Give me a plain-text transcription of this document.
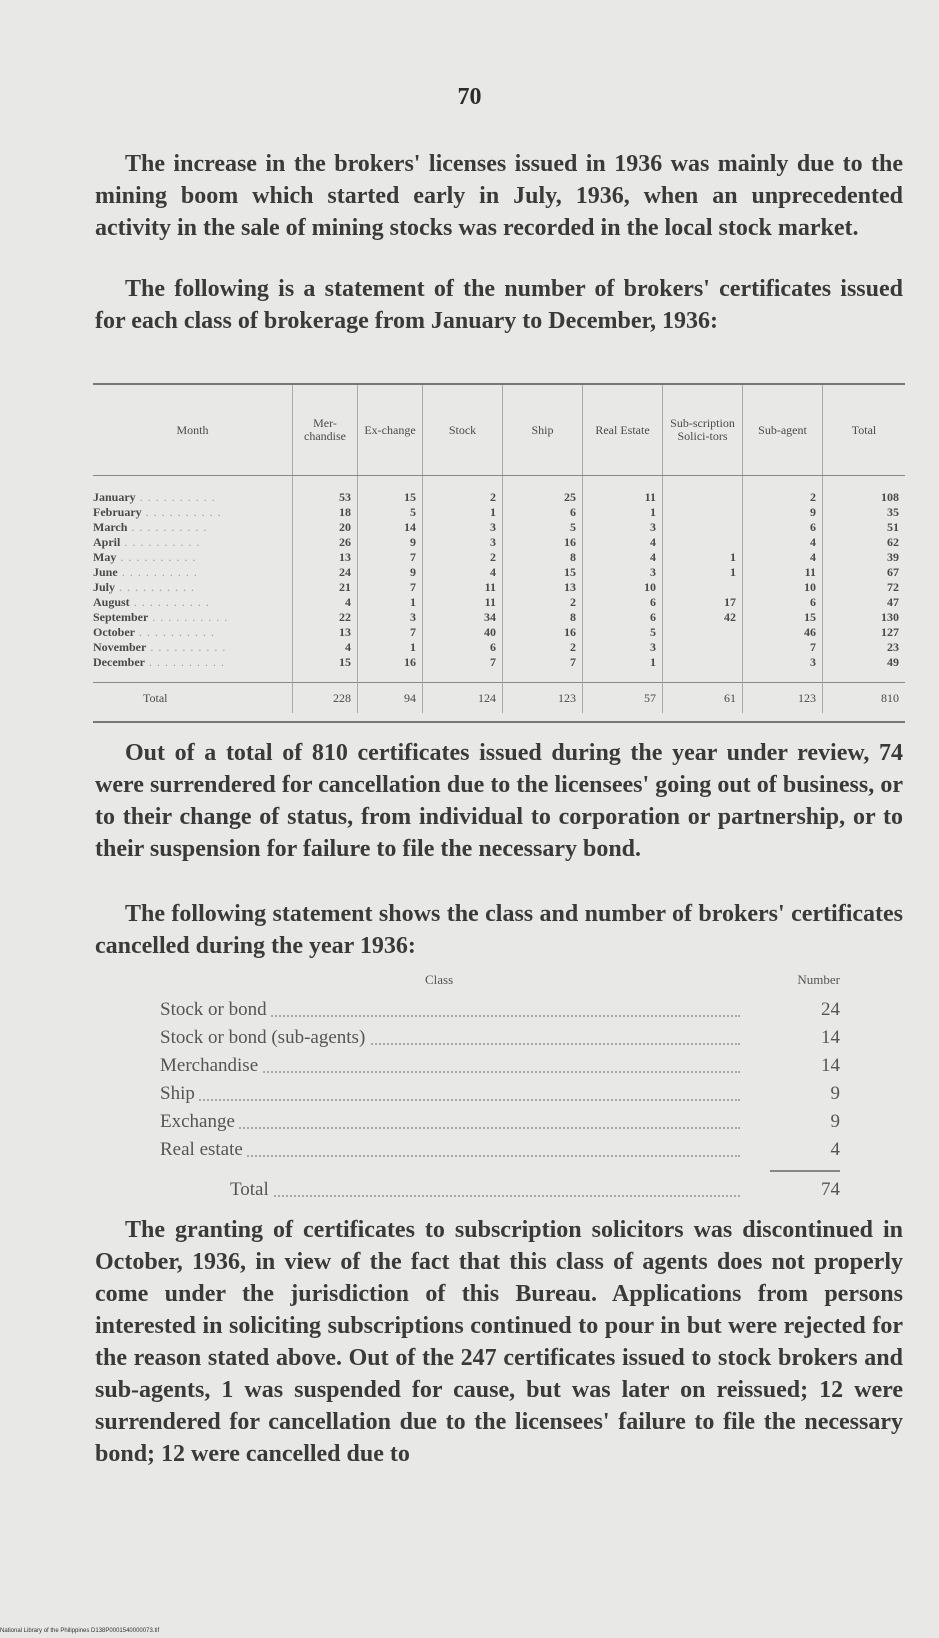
70
The increase in the brokers' licenses issued in 1936 was mainly due to the mining boom which started early in July, 1936, when an unprecedented activity in the sale of mining stocks was recorded in the local stock market.
The following is a statement of the number of brokers' certificates issued for each class of brokerage from January to December, 1936:
Month	Mer-chandise	Ex-change	Stock	Ship	Real Estate	Sub-scription Solici-tors	Sub-agent	Total
January . . . . . . . . . .	53	15	2	25	11		2	108
February . . . . . . . . . .	18	5	1	6	1		9	35
March . . . . . . . . . .	20	14	3	5	3		6	51
April . . . . . . . . . .	26	9	3	16	4		4	62
May . . . . . . . . . .	13	7	2	8	4	1	4	39
June . . . . . . . . . .	24	9	4	15	3	1	11	67
July . . . . . . . . . .	21	7	11	13	10		10	72
August . . . . . . . . . .	4	1	11	2	6	17	6	47
September . . . . . . . . . .	22	3	34	8	6	42	15	130
October . . . . . . . . . .	13	7	40	16	5		46	127
November . . . . . . . . . .	4	1	6	2	3		7	23
December . . . . . . . . . .	15	16	7	7	1		3	49
Total	228	94	124	123	57	61	123	810
Out of a total of 810 certificates issued during the year under review, 74 were surrendered for cancellation due to the licensees' going out of business, or to their change of status, from individual to corporation or partnership, or to their suspension for failure to file the necessary bond.
The following statement shows the class and number of brokers' certificates cancelled during the year 1936:
Class	Number
Stock or bond	24
Stock or bond (sub-agents)	14
Merchandise	14
Ship	9
Exchange	9
Real estate	4
Total	74
The granting of certificates to subscription solicitors was discontinued in October, 1936, in view of the fact that this class of agents does not properly come under the jurisdiction of this Bureau. Applications from persons interested in soliciting subscriptions continued to pour in but were rejected for the reason stated above. Out of the 247 certificates issued to stock brokers and sub-agents, 1 was suspended for cause, but was later on reissued; 12 were surrendered for cancellation due to the licensees' failure to file the necessary bond; 12 were cancelled due to
National Library of the Philippines D138P0001540000073.tif
